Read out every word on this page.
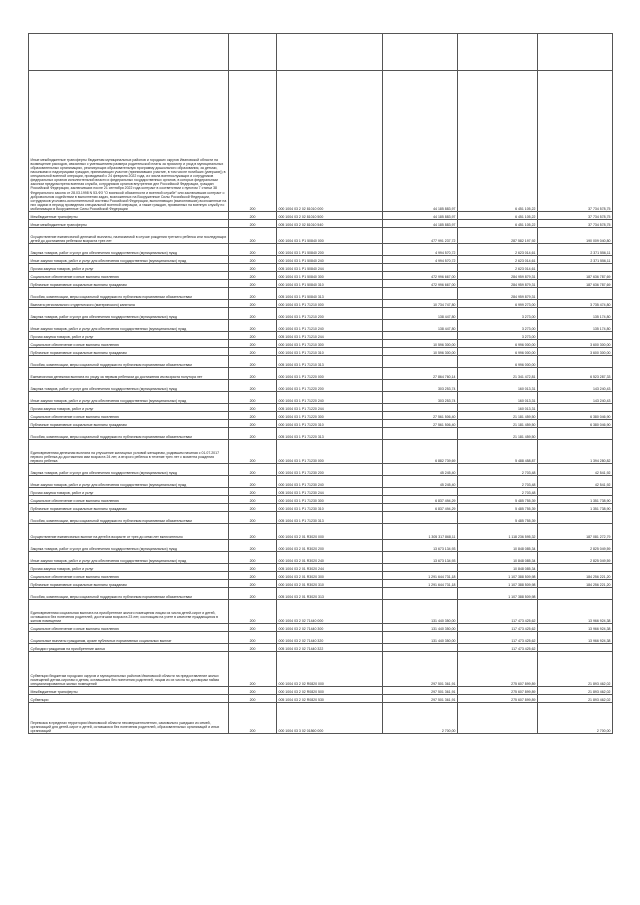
Иные межбюджетные трансферты бюджетам муниципальных районов и городских округов Ивановской области на возмещение расходов, связанных с уменьшением размера родительской платы за присмотр и уход в муниципальных образовательных организациях, реализующих образовательную программу дошкольного образования, за детьми, пасынками и падчерицами граждан, принимающих участие (принимавших участие, в том числе погибших (умерших)) в специальной военной операции, проводимой с 24 февраля 2022 года, из числа военнослужащих и сотрудников федеральных органов исполнительной власти и федеральных государственных органов, в которых федеральным законом предусмотрена военная служба, сотрудников органов внутренних дел Российской Федерации, граждан Российской Федерации, заключивших после 21 сентября 2022 года контракт в соответствии с пунктом 7 статьи 38 Федерального закона от 28.03.1998 N 53-ФЗ "О воинской обязанности и военной службе" или заключивших контракт о добровольном содействии в выполнении задач, возложенных на Вооруженные Силы Российской Федерации, сотрудников уголовно-исполнительной системы Российской Федерации, выполняющих (выполнявших) возложенные на них задачи в период проведения специальной военной операции, а также граждан, призванных на военную службу по мобилизации в Вооруженные Силы Российской Федерации	200	000 1004 03 2 02 81010 000	44 185 883,97	6 451 105,22	37 734 578,75
Межбюджетные трансферты	200	000 1004 03 2 02 81010 500	44 185 883,97	6 451 105,22	37 734 578,75
Иные межбюджетные трансферты	200	005 1004 03 2 02 81010 540	44 185 883,97	6 451 105,22	37 734 578,75
Осуществление ежемесячной денежной выплаты, назначаемой в случае рождения третьего ребенка или последующих детей до достижения ребенком возраста трех лет	200	000 1004 03 1 Р1 50840 000	477 991 237,72	287 582 197,92	190 009 040,80
Закупка товаров, работ и услуг для обеспечения государственных (муниципальных) нужд	200	000 1004 03 1 Р1 50840 200	4 994 570,72	2 623 014,61	2 371 556,11
Иные закупки товаров, работ и услуг для обеспечения государственных (муниципальных) нужд	200	000 1004 03 1 Р1 50840 240	4 994 570,72	2 623 014,61	2 371 556,11
Прочая закупка товаров, работ и услуг	200	005 1004 03 1 Р1 50840 244		2 623 014,61	
Социальное обеспечение и иные выплаты населению	200	000 1004 03 1 Р1 50840 300	472 996 667,00	284 959 879,31	187 636 787,69
Публичные нормативные социальные выплаты гражданам	200	000 1004 03 1 Р1 50840 310	472 996 667,00	284 959 879,31	187 636 787,69
Пособия, компенсации, меры социальной поддержки по публичным нормативным обязательствам	200	005 1004 03 1 Р1 50840 313		284 959 879,31	
Выплата регионального студенческого (материнского) капитала	200	000 1004 03 1 Р1 71210 000	10 734 747,80	6 999 273,00	3 735 474,80
Закупка товаров, работ и услуг для обеспечения государственных (муниципальных) нужд	200	000 1004 03 1 Р1 71210 200	138 447,80	3 273,00	135 174,80
Иные закупки товаров, работ и услуг для обеспечения государственных (муниципальных) нужд	200	000 1004 03 1 Р1 71210 240	138 447,80	3 273,00	135 174,80
Прочая закупка товаров, работ и услуг	200	005 1004 03 1 Р1 71210 244		3 273,00	
Социальное обеспечение и иные выплаты населению	200	000 1004 03 1 Р1 71210 300	10 596 300,00	6 996 000,00	3 600 300,00
Публичные нормативные социальные выплаты гражданам	200	000 1004 03 1 Р1 71210 310	10 596 300,00	6 996 000,00	3 600 300,00
Пособия, компенсации, меры социальной поддержки по публичным нормативным обязательствам	200	005 1004 03 1 Р1 71210 313		6 996 000,00	
Ежемесячная денежная выплата по уходу за первым ребенком до достижения им возраста полутора лет	200	000 1004 03 1 Р1 71220 000	27 864 760,14	21 341 472,81	6 523 287,33
Закупка товаров, работ и услуг для обеспечения государственных (муниципальных) нужд	200	000 1004 03 1 Р1 71220 200	303 253,74	160 013,31	143 240,43
Иные закупки товаров, работ и услуг для обеспечения государственных (муниципальных) нужд	200	000 1004 03 1 Р1 71220 240	303 253,74	160 013,31	143 240,43
Прочая закупка товаров, работ и услуг	200	005 1004 03 1 Р1 71220 244		160 013,31	
Социальное обеспечение и иные выплаты населению	200	000 1004 03 1 Р1 71220 300	27 561 506,40	21 181 459,50	6 380 046,90
Публичные нормативные социальные выплаты гражданам	200	000 1004 03 1 Р1 71220 310	27 561 506,40	21 181 459,50	6 380 046,90
Пособия, компенсации, меры социальной поддержки по публичным нормативным обязательствам	200	005 1004 03 1 Р1 71220 313		21 181 459,50	
Единовременная денежная выплата на улучшение жилищных условий женщинам, родившим начиная с 01.07.2017 первого ребенка до достижения ими возраста 24 лет, а второго ребенка в течение трех лет с момента рождения первого ребенка	200	000 1004 03 1 Р1 71230 000	6 882 739,69	5 488 458,87	1 394 280,82
Закупка товаров, работ и услуг для обеспечения государственных (муниципальных) нужд	200	000 1004 03 1 Р1 71230 200	45 245,40	2 703,48	42 541,92
Иные закупки товаров, работ и услуг для обеспечения государственных (муниципальных) нужд	200	000 1004 03 1 Р1 71230 240	45 245,40	2 703,48	42 541,92
Прочая закупка товаров, работ и услуг	200	005 1004 03 1 Р1 71230 244		2 703,48	
Социальное обеспечение и иные выплаты населению	200	000 1004 03 1 Р1 71230 300	6 837 494,29	5 485 755,39	1 351 738,90
Публичные нормативные социальные выплаты гражданам	200	000 1004 03 1 Р1 71230 310	6 837 494,29	5 485 755,39	1 351 738,90
Пособия, компенсации, меры социальной поддержки по публичным нормативным обязательствам	200	005 1004 03 1 Р1 71230 313		5 485 755,39	
Осуществление ежемесячных выплат на детей в возрасте от трех до семи лет включительно	200	000 1004 03 2 01 R3020 000	1 305 317 868,11	1 118 236 595,32	187 081 272,79
Закупка товаров, работ и услуг для обеспечения государственных (муниципальных) нужд	200	000 1004 03 2 01 R3020 200	13 673 134,93	10 848 085,34	2 825 049,59
Иные закупки товаров, работ и услуг для обеспечения государственных (муниципальных) нужд	200	000 1004 03 2 01 R3020 240	13 673 134,93	10 848 085,34	2 825 049,59
Прочая закупка товаров, работ и услуг	200	005 1004 03 2 01 R3020 244		10 848 085,34	
Социальное обеспечение и иные выплаты населению	200	000 1004 03 2 01 R3020 300	1 291 644 731,18	1 107 388 509,98	184 256 221,20
Публичные нормативные социальные выплаты гражданам	200	000 1004 03 2 01 R3020 310	1 291 644 731,18	1 107 388 509,98	184 256 221,20
Пособия, компенсации, меры социальной поддержки по публичным нормативным обязательствам	200	005 1004 03 2 01 R3020 313		1 107 388 509,98	
Единовременная социальная выплата на приобретение жилого помещения лицам из числа детей-сирот и детей, оставшихся без попечения родителей, достигшим возраста 23 лет, состоящим на учете в качестве нуждающихся в жилом помещении	200	000 1004 03 2 02 71440 000	131 440 350,00	117 473 425,62	13 966 924,38
Социальное обеспечение и иные выплаты населению	200	000 1004 03 2 02 71440 300	131 440 350,00	117 473 425,62	13 966 924,38
Социальные выплаты гражданам, кроме публичных нормативных социальных выплат	200	000 1004 03 2 02 71440 320	131 440 350,00	117 473 425,62	13 966 924,38
Субсидии гражданам на приобретение жилья	200	005 1004 03 2 02 71440 322		117 473 425,62	
Субвенции бюджетам городских округов и муниципальных районов Ивановской области на предоставление жилых помещений детям-сиротам и детям, оставшимся без попечения родителей, лицам из их числа по договорам найма специализированных жилых помещений	200	000 1004 03 2 02 R0820 000	297 501 361,91	275 607 899,89	21 893 462,02
Межбюджетные трансферты	200	000 1004 03 2 02 R0820 500	297 501 361,91	275 607 899,89	21 893 462,02
Субвенции	200	005 1004 03 2 02 R0820 530	297 501 361,91	275 607 899,89	21 893 462,02
Перевозка в пределах территории Ивановской области несовершеннолетних, самовольно ушедших из семей, организаций для детей-сирот и детей, оставшихся без попечения родителей, образовательных организаций и иных организаций	200	000 1004 03 3 02 01860 000	2 700,00		2 700,00
